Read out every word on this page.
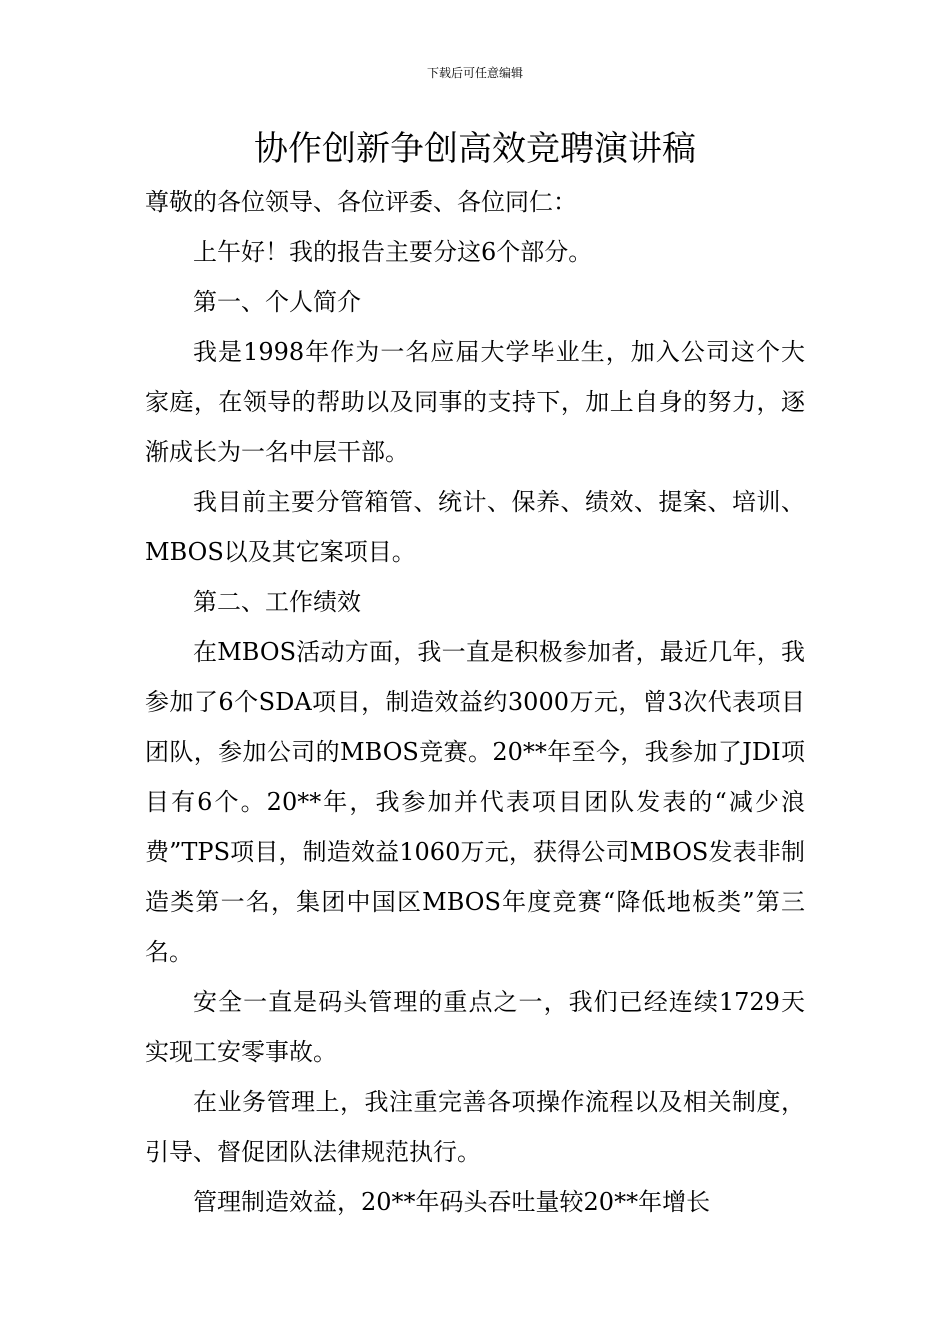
下载后可任意编辑
协作创新争创高效竞聘演讲稿

尊敬的各位领导、各位评委、各位同仁：

上午好！我的报告主要分这6个部分。

第一、个人简介

我是1998年作为一名应届大学毕业生，加入公司这个大家庭，在领导的帮助以及同事的支持下，加上自身的努力，逐渐成长为一名中层干部。

我目前主要分管箱管、统计、保养、绩效、提案、培训、MBOS以及其它案项目。

第二、工作绩效

在MBOS活动方面，我一直是积极参加者，最近几年，我参加了6个SDA项目，制造效益约3000万元，曾3次代表项目团队，参加公司的MBOS竞赛。20**年至今，我参加了JDI项目有6个。20**年，我参加并代表项目团队发表的“减少浪费”TPS项目，制造效益1060万元，获得公司MBOS发表非制造类第一名，集团中国区MBOS年度竞赛“降低地板类”第三名。

安全一直是码头管理的重点之一，我们已经连续1729天实现工安零事故。

在业务管理上，我注重完善各项操作流程以及相关制度，引导、督促团队法律规范执行。

管理制造效益，20**年码头吞吐量较20**年增长
